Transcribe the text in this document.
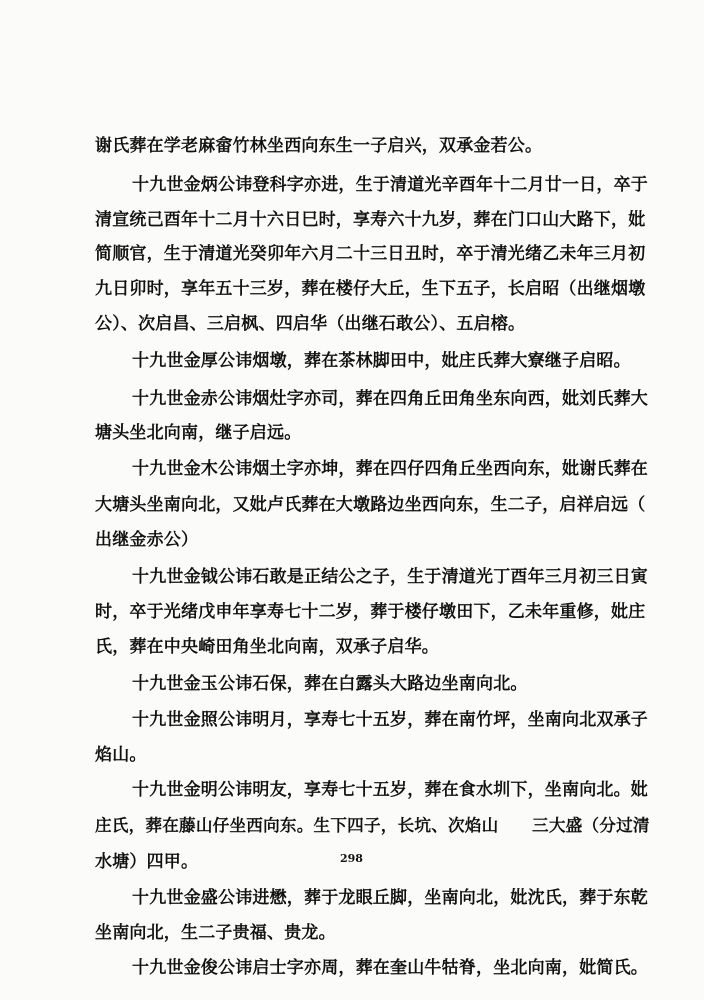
谢氏葬在学老麻畲竹林坐西向东生一子启兴，双承金若公。
十九世金炳公讳登科字亦进，生于清道光辛酉年十二月廿一日，卒于
清宣统己酉年十二月十六日巳时，享寿六十九岁，葬在门口山大路下，妣
简顺官，生于清道光癸卯年六月二十三日丑时，卒于清光绪乙未年三月初
九日卯时，享年五十三岁，葬在楼仔大丘，生下五子，长启昭（出继烟墩
公）、次启昌、三启枫、四启华（出继石敢公）、五启榕。
十九世金厚公讳烟墩，葬在茶林脚田中，妣庄氏葬大寮继子启昭。
十九世金赤公讳烟灶字亦司，葬在四角丘田角坐东向西，妣刘氏葬大
塘头坐北向南，继子启远。
十九世金木公讳烟土字亦坤，葬在四仔四角丘坐西向东，妣谢氏葬在
大塘头坐南向北，又妣卢氏葬在大墩路边坐西向东，生二子，启祥启远（
出继金赤公）
十九世金钺公讳石敢是正结公之子，生于清道光丁酉年三月初三日寅
时，卒于光绪戊申年享寿七十二岁，葬于楼仔墩田下，乙未年重修，妣庄
氏，葬在中央崎田角坐北向南，双承子启华。
十九世金玉公讳石保，葬在白露头大路边坐南向北。
十九世金照公讳明月，享寿七十五岁，葬在南竹坪，坐南向北双承子
焰山。
十九世金明公讳明友，享寿七十五岁，葬在食水圳下，坐南向北。妣
庄氏，葬在藤山仔坐西向东。生下四子，长坑、次焰山　　三大盛（分过清
水塘）四甲。
十九世金盛公讳进懋，葬于龙眼丘脚，坐南向北，妣沈氏，葬于东乾
坐南向北，生二子贵福、贵龙。
十九世金俊公讳启士字亦周，葬在奎山牛牯脊，坐北向南，妣简氏。
298
